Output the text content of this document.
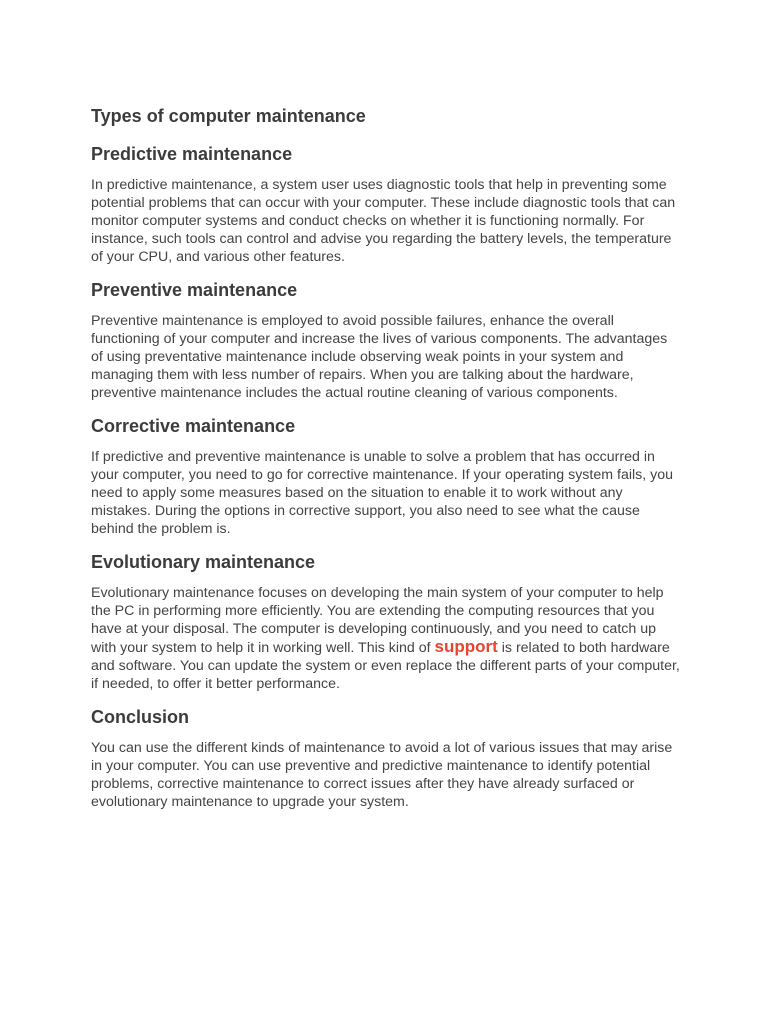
Types of computer maintenance
Predictive maintenance

In predictive maintenance, a system user uses diagnostic tools that help in preventing some potential problems that can occur with your computer. These include diagnostic tools that can monitor computer systems and conduct checks on whether it is functioning normally. For instance, such tools can control and advise you regarding the battery levels, the temperature of your CPU, and various other features.

Preventive maintenance

Preventive maintenance is employed to avoid possible failures, enhance the overall functioning of your computer and increase the lives of various components. The advantages of using preventative maintenance include observing weak points in your system and managing them with less number of repairs. When you are talking about the hardware, preventive maintenance includes the actual routine cleaning of various components.

Corrective maintenance

If predictive and preventive maintenance is unable to solve a problem that has occurred in your computer, you need to go for corrective maintenance. If your operating system fails, you need to apply some measures based on the situation to enable it to work without any mistakes. During the options in corrective support, you also need to see what the cause behind the problem is.

Evolutionary maintenance

Evolutionary maintenance focuses on developing the main system of your computer to help the PC in performing more efficiently. You are extending the computing resources that you have at your disposal. The computer is developing continuously, and you need to catch up with your system to help it in working well. This kind of support is related to both hardware and software. You can update the system or even replace the different parts of your computer, if needed, to offer it better performance.

Conclusion

You can use the different kinds of maintenance to avoid a lot of various issues that may arise in your computer. You can use preventive and predictive maintenance to identify potential problems, corrective maintenance to correct issues after they have already surfaced or evolutionary maintenance to upgrade your system.
